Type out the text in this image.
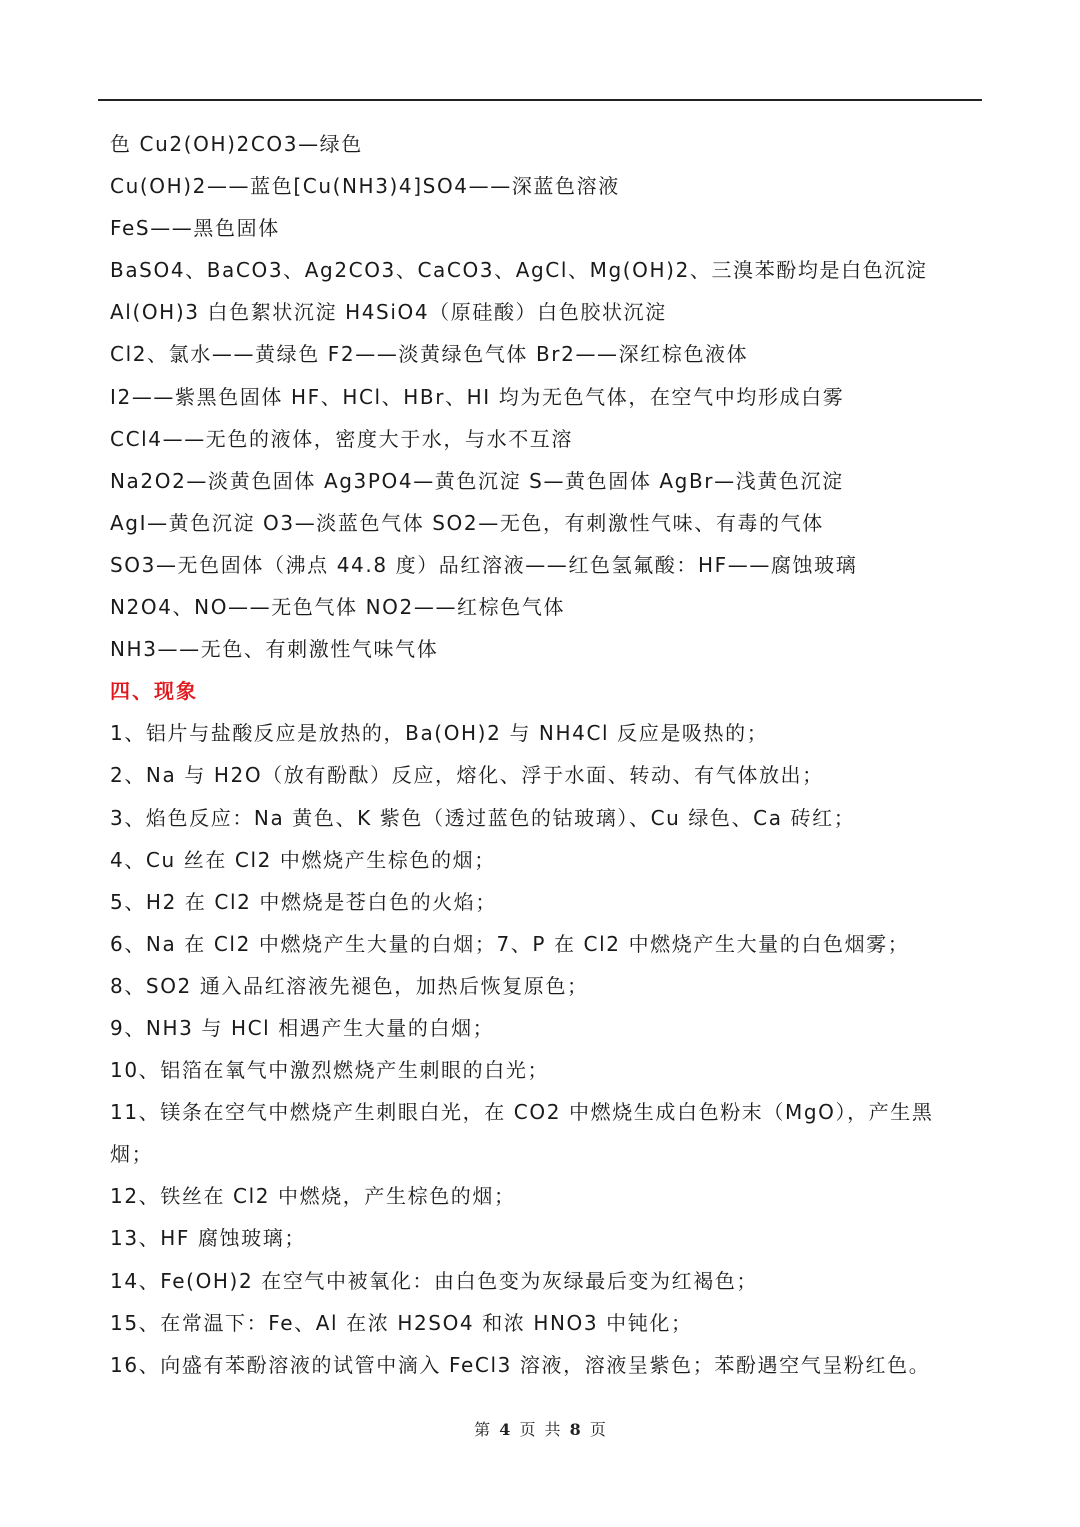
色 Cu2(OH)2CO3—绿色
Cu(OH)2——蓝色[Cu(NH3)4]SO4——深蓝色溶液
FeS——黑色固体
BaSO4、BaCO3、Ag2CO3、CaCO3、AgCl、Mg(OH)2、三溴苯酚均是白色沉淀
Al(OH)3 白色絮状沉淀 H4SiO4（原硅酸）白色胶状沉淀
Cl2、氯水——黄绿色 F2——淡黄绿色气体 Br2——深红棕色液体
I2——紫黑色固体 HF、HCl、HBr、HI 均为无色气体，在空气中均形成白雾
CCl4——无色的液体，密度大于水，与水不互溶
Na2O2—淡黄色固体 Ag3PO4—黄色沉淀 S—黄色固体 AgBr—浅黄色沉淀
AgI—黄色沉淀 O3—淡蓝色气体 SO2—无色，有刺激性气味、有毒的气体
SO3—无色固体（沸点 44.8 度）品红溶液——红色氢氟酸：HF——腐蚀玻璃
N2O4、NO——无色气体 NO2——红棕色气体
NH3——无色、有刺激性气味气体
四、现象
1、铝片与盐酸反应是放热的，Ba(OH)2 与 NH4Cl 反应是吸热的；
2、Na 与 H2O（放有酚酞）反应，熔化、浮于水面、转动、有气体放出；
3、焰色反应：Na 黄色、K 紫色（透过蓝色的钴玻璃）、Cu 绿色、Ca 砖红；
4、Cu 丝在 Cl2 中燃烧产生棕色的烟；
5、H2 在 Cl2 中燃烧是苍白色的火焰；
6、Na 在 Cl2 中燃烧产生大量的白烟；7、P 在 Cl2 中燃烧产生大量的白色烟雾；
8、SO2 通入品红溶液先褪色，加热后恢复原色；
9、NH3 与 HCl 相遇产生大量的白烟；
10、铝箔在氧气中激烈燃烧产生刺眼的白光；
11、镁条在空气中燃烧产生刺眼白光，在 CO2 中燃烧生成白色粉末（MgO），产生黑烟；
12、铁丝在 Cl2 中燃烧，产生棕色的烟；
13、HF 腐蚀玻璃；
14、Fe(OH)2 在空气中被氧化：由白色变为灰绿最后变为红褐色；
15、在常温下：Fe、Al 在浓 H2SO4 和浓 HNO3 中钝化；
16、向盛有苯酚溶液的试管中滴入 FeCl3 溶液，溶液呈紫色；苯酚遇空气呈粉红色。
第 4 页 共 8 页
